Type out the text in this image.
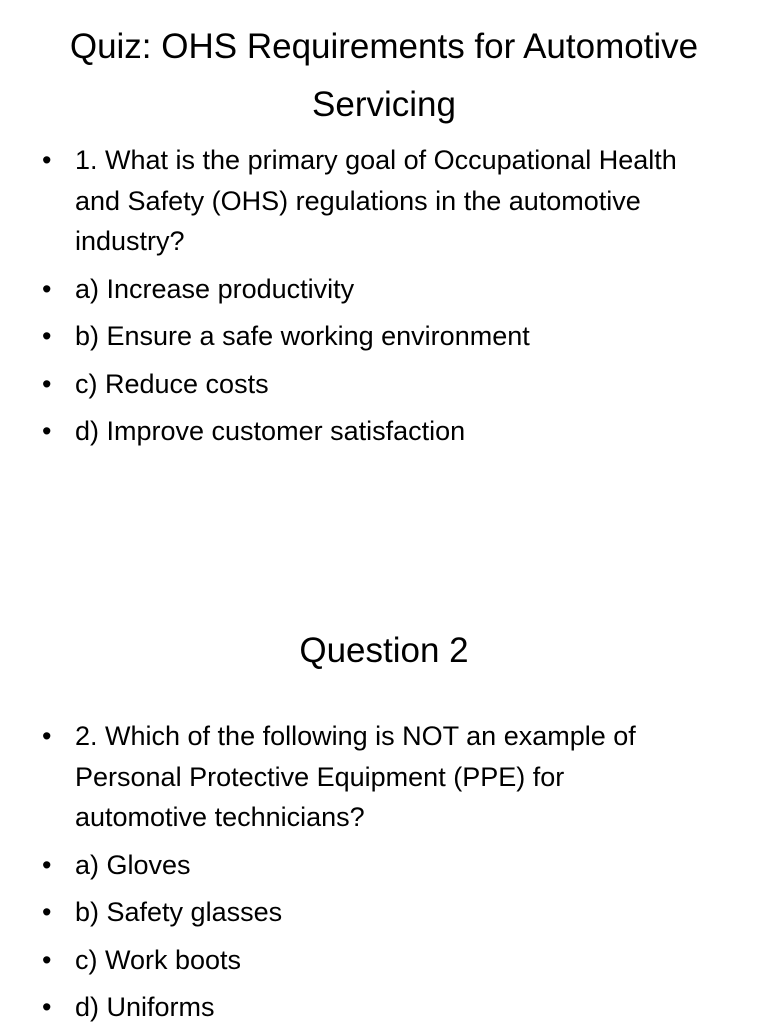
Quiz: OHS Requirements for Automotive Servicing
• 1. What is the primary goal of Occupational Health and Safety (OHS) regulations in the automotive industry?
• a) Increase productivity
• b) Ensure a safe working environment
• c) Reduce costs
• d) Improve customer satisfaction
Question 2
• 2. Which of the following is NOT an example of Personal Protective Equipment (PPE) for automotive technicians?
• a) Gloves
• b) Safety glasses
• c) Work boots
• d) Uniforms
